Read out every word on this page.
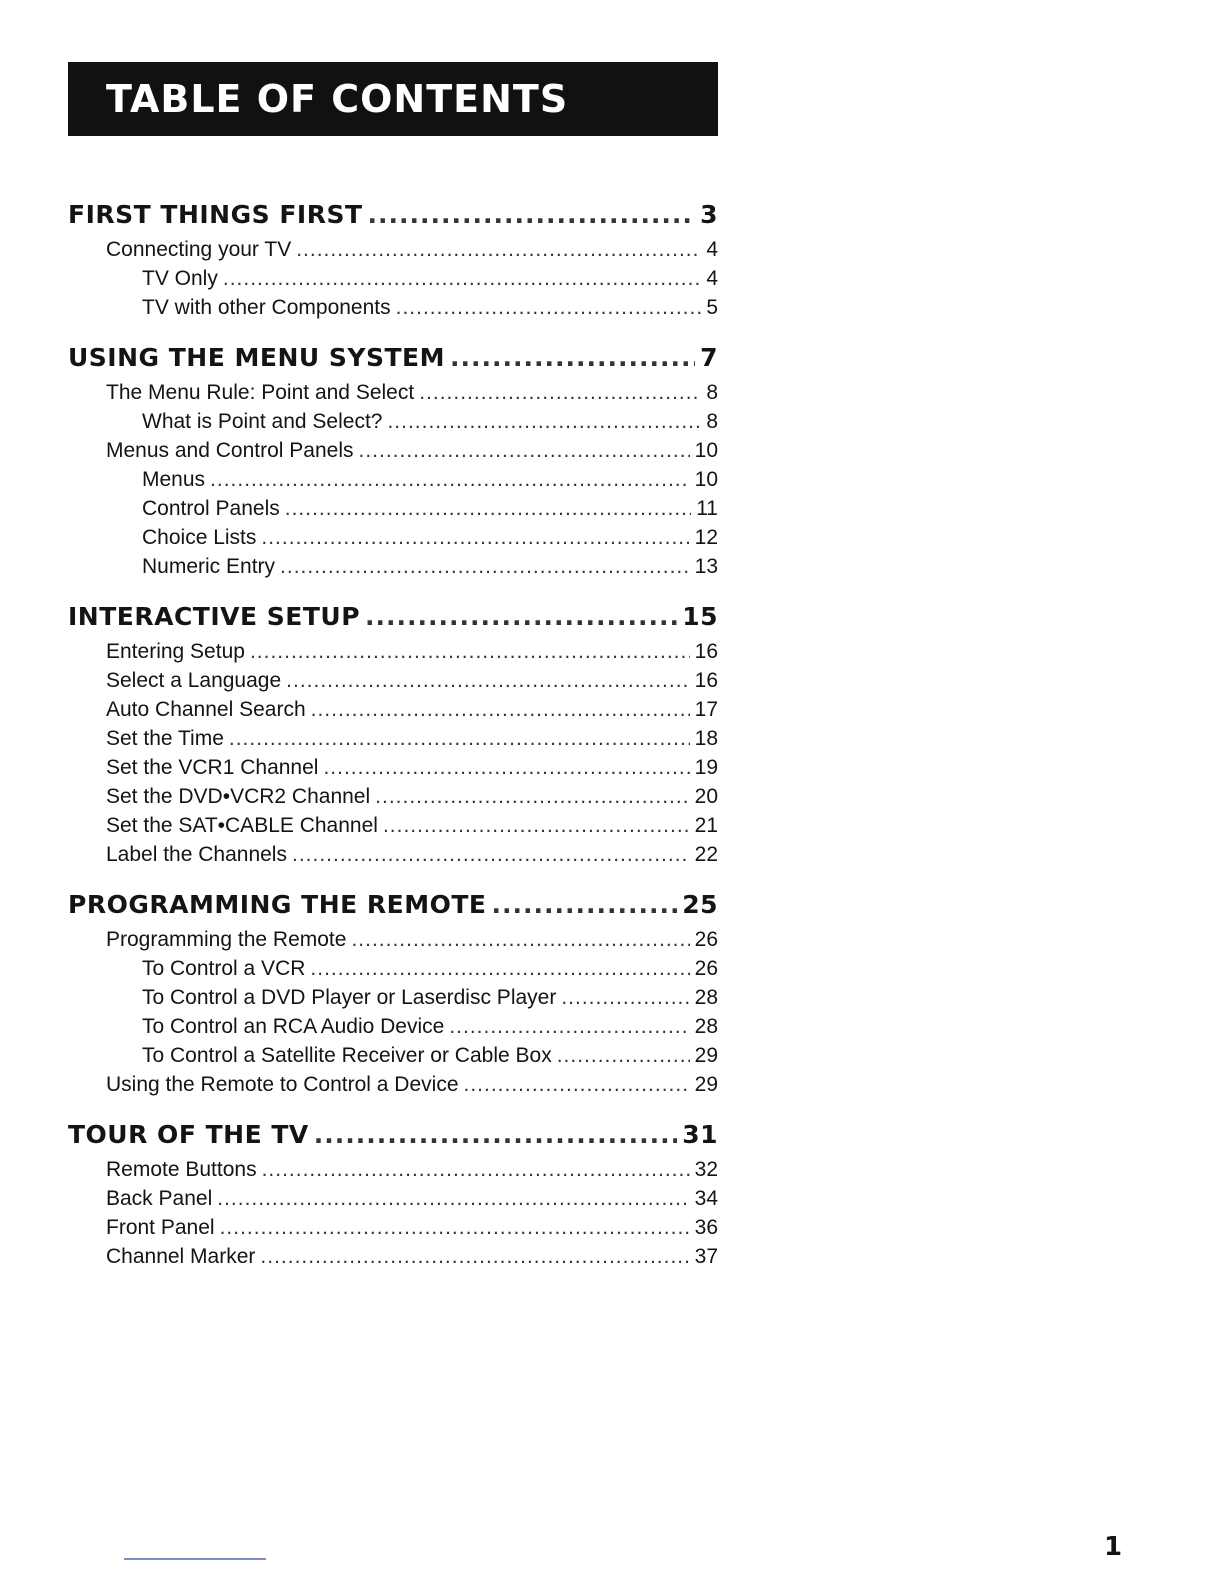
TABLE OF CONTENTS
FIRST THINGS FIRST .....	3
Connecting your TV .....	4
TV Only .....	4
TV with other Components .....	5
USING THE MENU SYSTEM .....	7
The Menu Rule: Point and Select .....	8
What is Point and Select? .....	8
Menus and Control Panels .....	10
Menus .....	10
Control Panels .....	11
Choice Lists .....	12
Numeric Entry .....	13
INTERACTIVE SETUP .....	15
Entering Setup .....	16
Select a Language .....	16
Auto Channel Search .....	17
Set the Time .....	18
Set the VCR1 Channel .....	19
Set the DVD•VCR2 Channel .....	20
Set the SAT•CABLE Channel .....	21
Label the Channels .....	22
PROGRAMMING THE REMOTE .....	25
Programming the Remote .....	26
To Control a VCR .....	26
To Control a DVD Player or Laserdisc Player .....	28
To Control an RCA Audio Device .....	28
To Control a Satellite Receiver or Cable Box .....	29
Using the Remote to Control a Device .....	29
TOUR OF THE TV .....	31
Remote Buttons .....	32
Back Panel .....	34
Front Panel .....	36
Channel Marker .....	37
1
